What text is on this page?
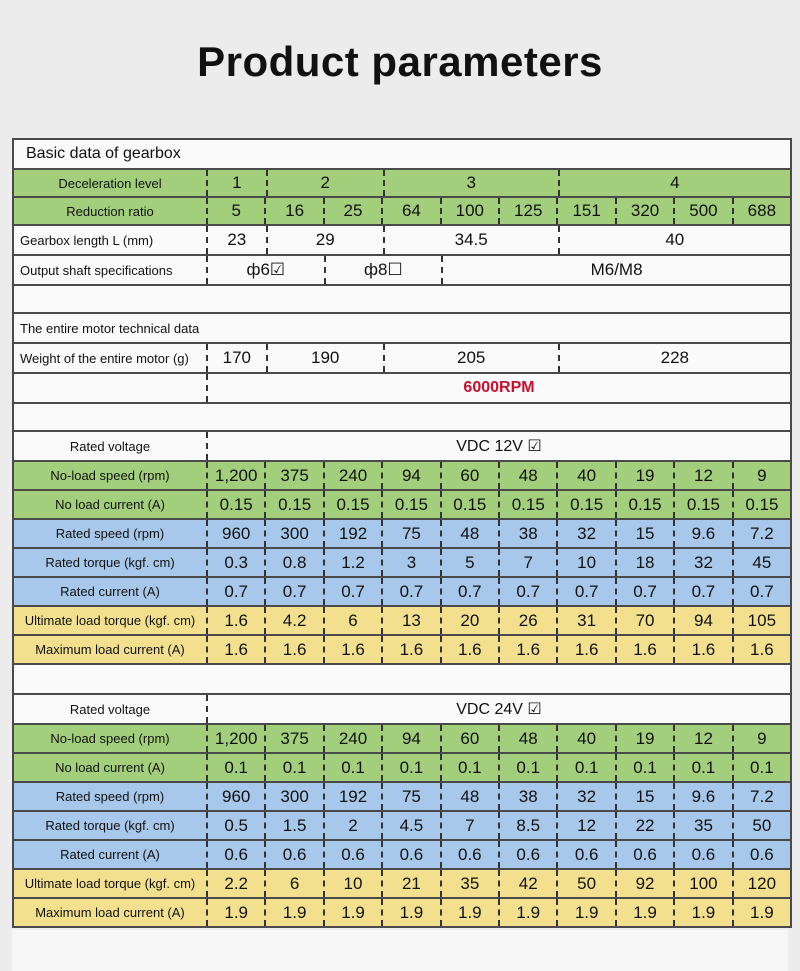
Product parameters
Basic data of gearbox
Deceleration level	1	2	3	4
Reduction ratio	5	16	25	64	100	125	151	320	500	688
Gearbox length L (mm)	23	29	34.5	40
Output shaft specifications	ф6☑	ф8☐	M6/M8
The entire motor technical data
Weight of the entire motor (g)	170	190	205	228
6000RPM
Rated voltage	VDC 12V ☑
No-load speed (rpm)	1,200	375	240	94	60	48	40	19	12	9
No load current (A)	0.15	0.15	0.15	0.15	0.15	0.15	0.15	0.15	0.15	0.15
Rated speed (rpm)	960	300	192	75	48	38	32	15	9.6	7.2
Rated torque (kgf. cm)	0.3	0.8	1.2	3	5	7	10	18	32	45
Rated current (A)	0.7	0.7	0.7	0.7	0.7	0.7	0.7	0.7	0.7	0.7
Ultimate load torque (kgf. cm)	1.6	4.2	6	13	20	26	31	70	94	105
Maximum load current (A)	1.6	1.6	1.6	1.6	1.6	1.6	1.6	1.6	1.6	1.6
Rated voltage	VDC 24V ☑
No-load speed (rpm)	1,200	375	240	94	60	48	40	19	12	9
No load current (A)	0.1	0.1	0.1	0.1	0.1	0.1	0.1	0.1	0.1	0.1
Rated speed (rpm)	960	300	192	75	48	38	32	15	9.6	7.2
Rated torque (kgf. cm)	0.5	1.5	2	4.5	7	8.5	12	22	35	50
Rated current (A)	0.6	0.6	0.6	0.6	0.6	0.6	0.6	0.6	0.6	0.6
Ultimate load torque (kgf. cm)	2.2	6	10	21	35	42	50	92	100	120
Maximum load current (A)	1.9	1.9	1.9	1.9	1.9	1.9	1.9	1.9	1.9	1.9
